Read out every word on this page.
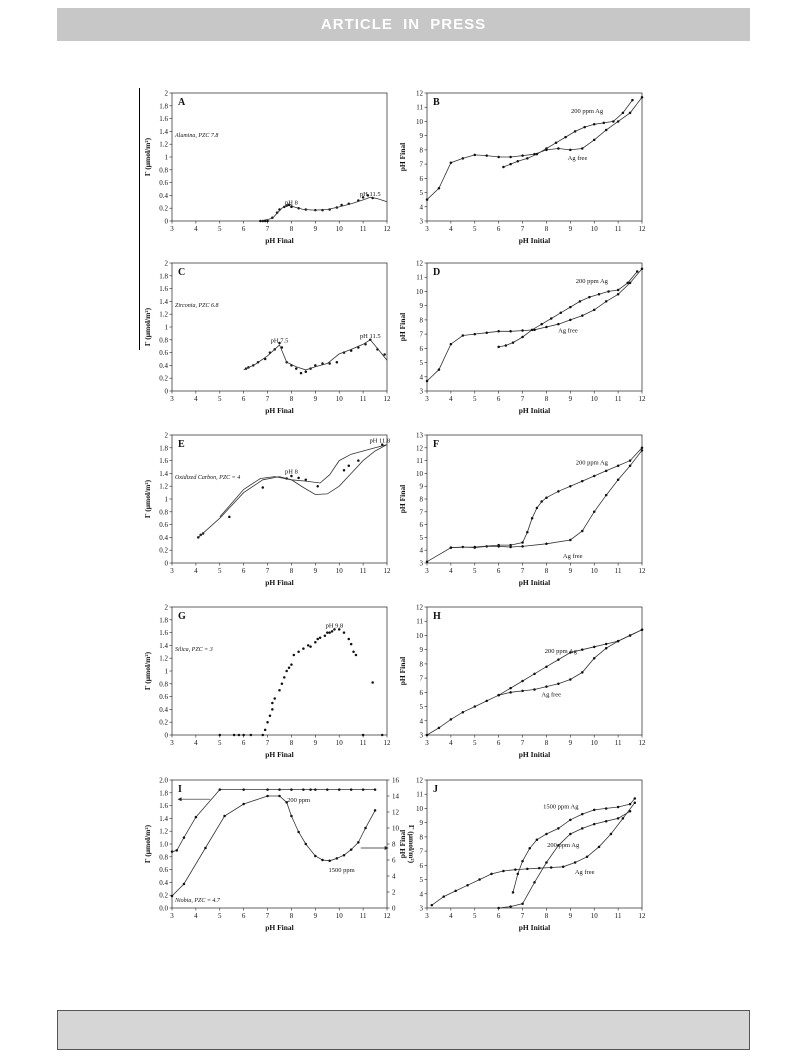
ARTICLE IN PRESS
3	4	5	6	7	8	9	10 11 12
0
0.2
0.4
0.6
0.8
1
1.2
1.4
1.6
1.8
2
pH Final
Γ (μmol/m²)
A
Alumina, PZC 7.8
pH 8
pH 11.5
3	4	5	6	7	8	9	10 11 12
3
4
5
6
7
8
9
10
11
12
pH Initial
pH Final
B
200 ppm Ag
Ag free
3	4	5	6	7	8	9	10 11 12
0
0.2
0.4
0.6
0.8
1
1.2
1.4
1.6
1.8
2
pH Final
Γ (μmol/m²)
C
Zirconia, PZC 6.8
pH 7.5
pH 11.5
3	4	5	6	7	8	9	10 11 12
3
4
5
6
7
8
9
10
11
12
pH Initial
pH Final
D
200 ppm Ag
Ag free
3	4	5	6	7	8	9	10 11 12
0
0.2
0.4
0.6
0.8
1
1.2
1.4
1.6
1.8
2
pH Final
Γ (μmol/m²)
E
Oxidized Carbon, PZC = 4
pH 8
pH 11.8
3	4	5	6	7	8	9	10 11 12
3
4
5
6
7
8
9
10
11
12
13
pH Initial
pH Final
F
200 ppm Ag
Ag free
3	4	5	6	7	8	9	10 11 12
0
0.2
0.4
0.6
0.8
1
1.2
1.4
1.6
1.8
2
pH Final
Γ (μmol/m²)
G
Silica, PZC = 3
pH 9.8
3	4	5	6	7	8	9	10 11 12
3
4
5
6
7
8
9
10
11
12
pH Initial
pH Final
H
200 ppm Ag
Ag free
3	4	5	6	7	8	9	10 11 12
0.0
0.2
0.4
0.6
0.8
1.0
1.2
1.4
1.6
1.8
2.0
0
2
4
6
8
10
12
14
16
Γ (μmol/m²)
pH Final
Γ (μmol/m²)
I
Niobia, PZC = 4.7
200 ppm
1500 ppm
3	4	5	6	7	8	9	10 11 12
3
4
5
6
7
8
9
10
11
12
pH Initial
pH Final
J
1500 ppm Ag
200 ppm Ag
Ag free
